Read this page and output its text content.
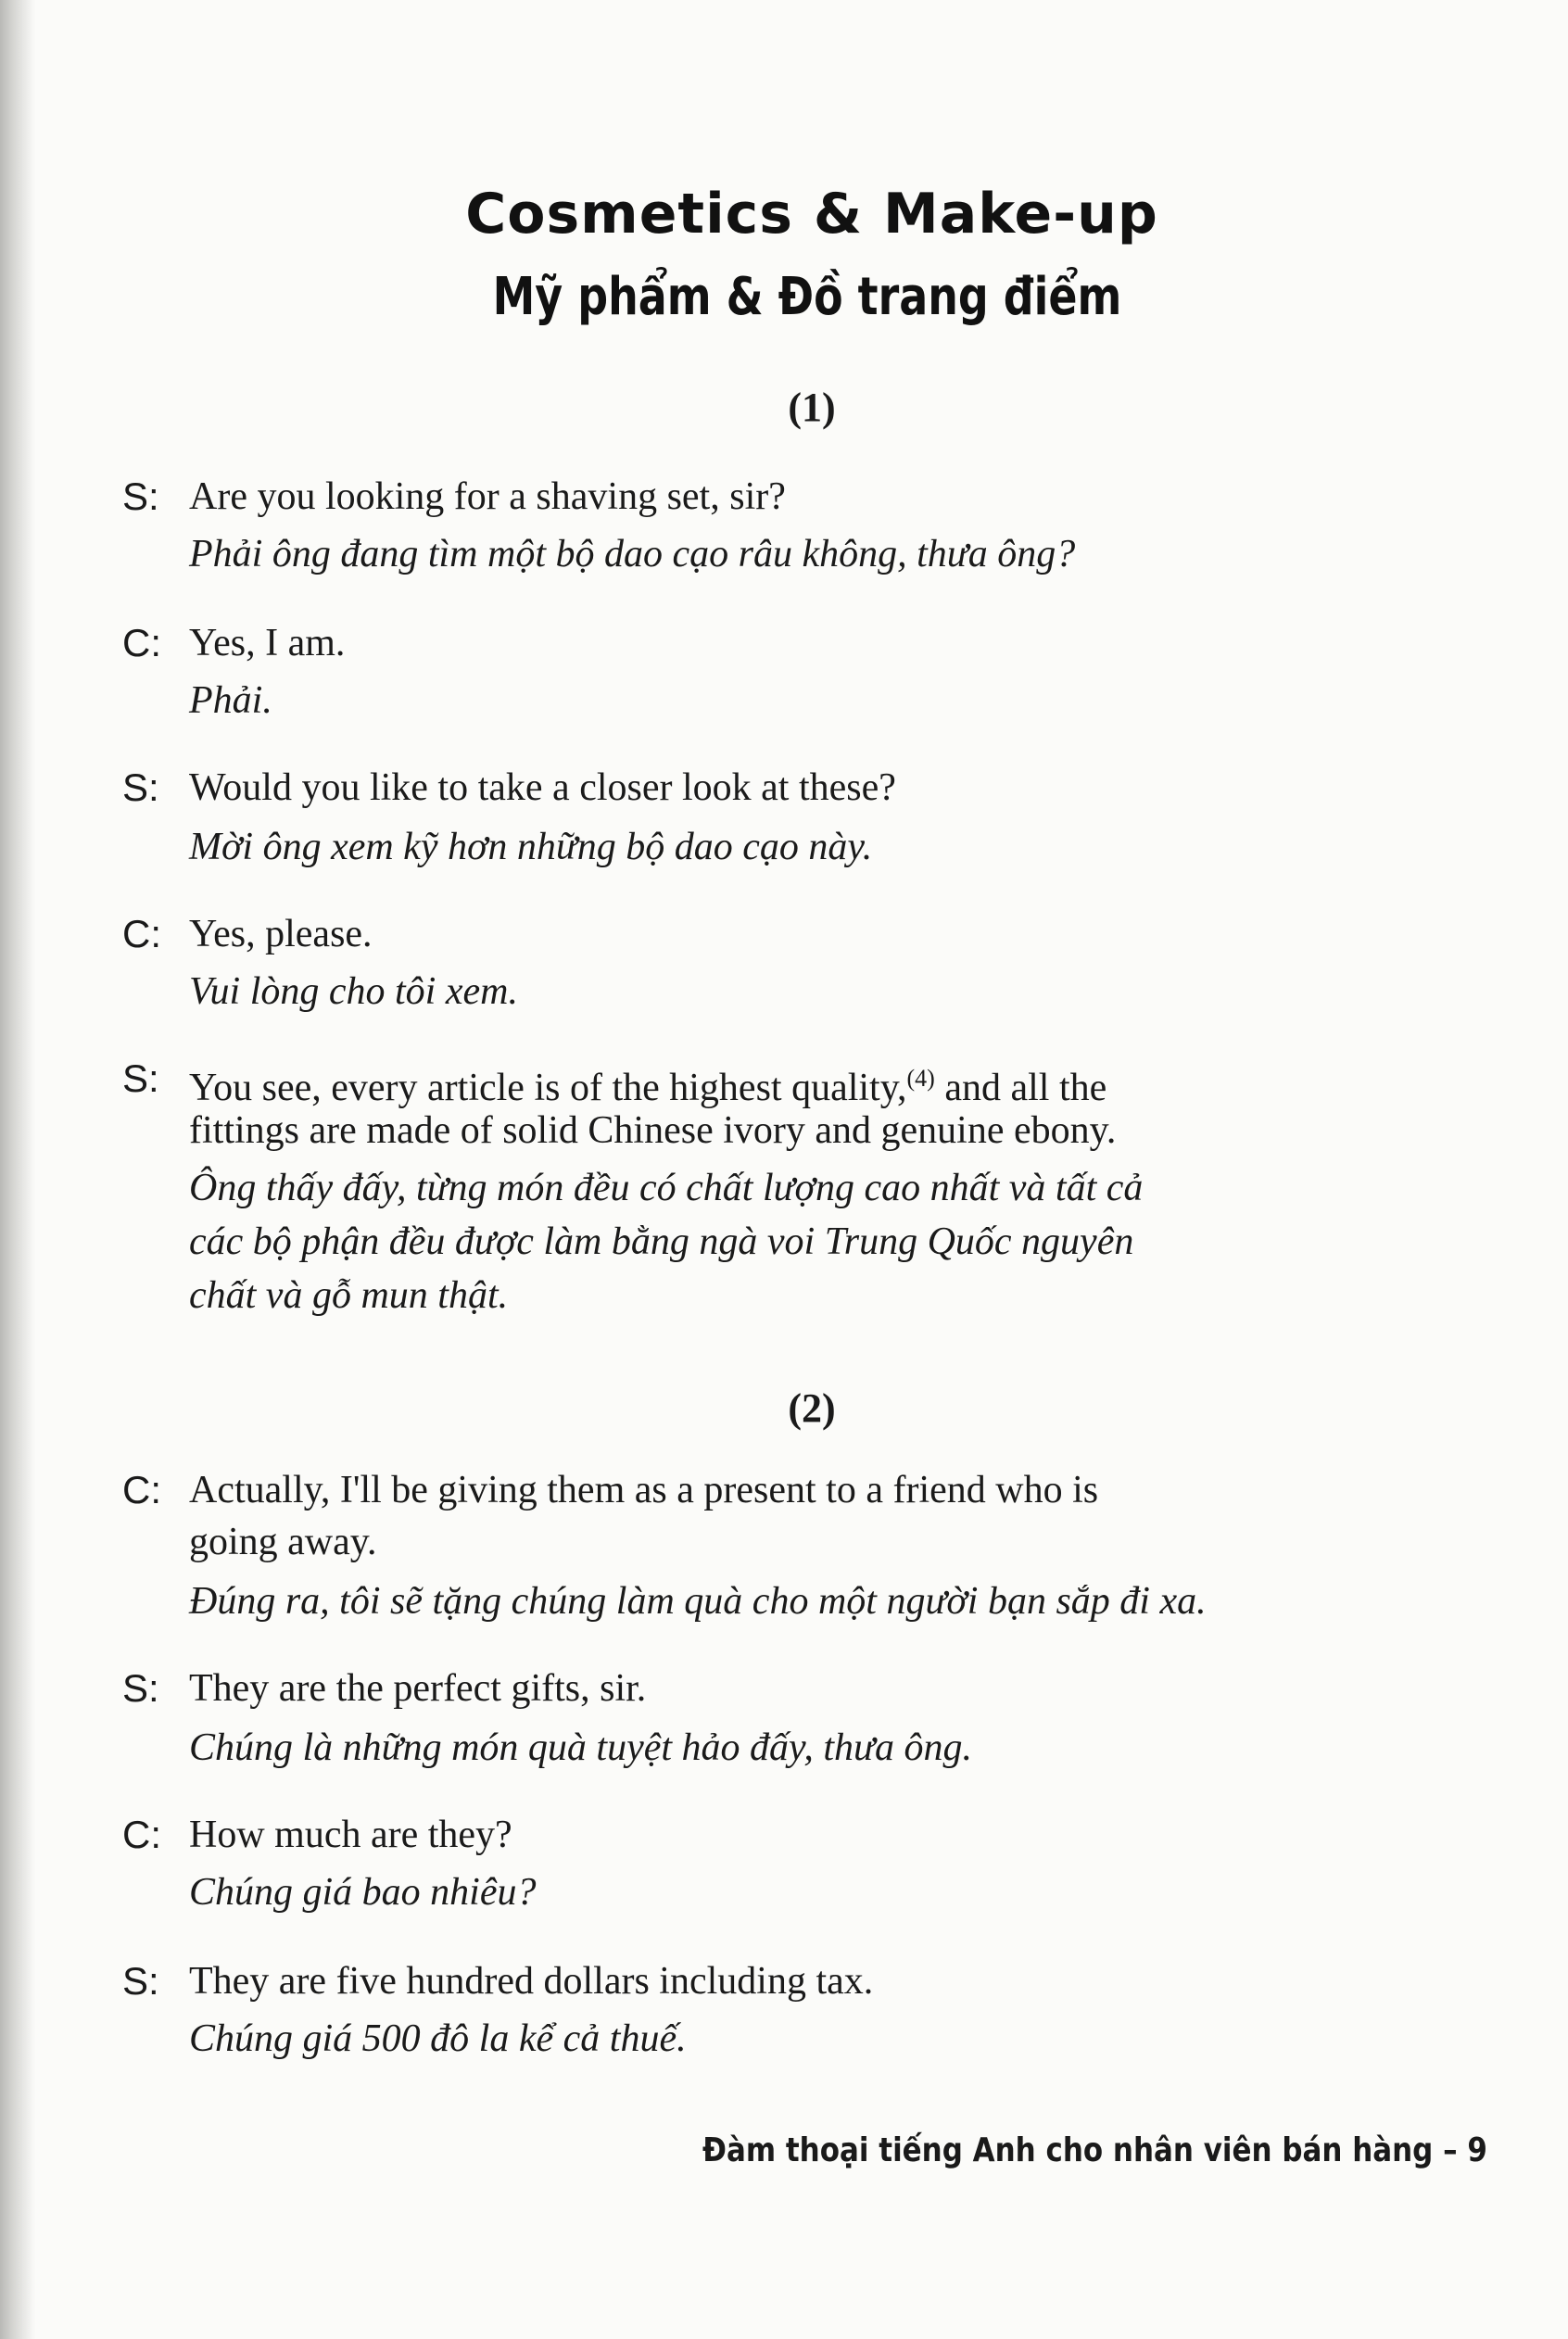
Cosmetics & Make-up
Mỹ phẩm & Đồ trang điểm
(1)
S: Are you looking for a shaving set, sir?
Phải ông đang tìm một bộ dao cạo râu không, thưa ông?
C: Yes, I am.
Phải.
S: Would you like to take a closer look at these?
Mời ông xem kỹ hơn những bộ dao cạo này.
C: Yes, please.
Vui lòng cho tôi xem.
S: You see, every article is of the highest quality,$^{(4)}$ and all the
fittings are made of solid Chinese ivory and genuine ebony.
Ông thấy đấy, từng món đều có chất lượng cao nhất và tất cả
các bộ phận đều được làm bằng ngà voi Trung Quốc nguyên
chất và gỗ mun thật.
(2)
C: Actually, I'll be giving them as a present to a friend who is
going away.
Đúng ra, tôi sẽ tặng chúng làm quà cho một người bạn sắp đi xa.
S: They are the perfect gifts, sir.
Chúng là những món quà tuyệt hảo đấy, thưa ông.
C: How much are they?
Chúng giá bao nhiêu?
S: They are five hundred dollars including tax.
Chúng giá 500 đô la kể cả thuế.
Đàm thoại tiếng Anh cho nhân viên bán hàng – 9
